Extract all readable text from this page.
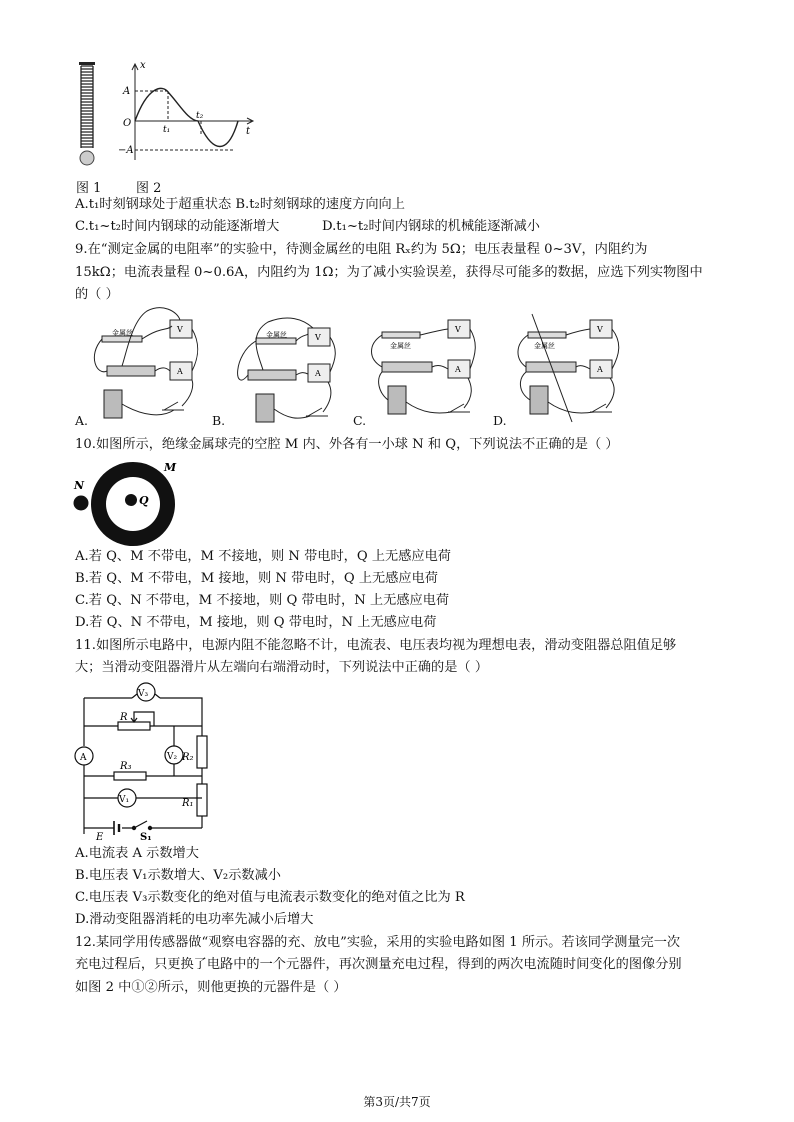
x
t
O
A
−A
t₁
t₂
图 1	图 2
A.t₁时刻钢球处于超重状态 B.t₂时刻钢球的速度方向向上
C.t₁~t₂时间内钢球的动能逐渐增大	D.t₁~t₂时间内钢球的机械能逐渐减小
9.在“测定金属的电阻率”的实验中，待测金属丝的电阻 Rₓ约为 5Ω；电压表量程 0~3V，内阻约为
15kΩ；电流表量程 0~0.6A，内阻约为 1Ω；为了减小实验误差，获得尽可能多的数据，应选下列实物图中
的（ ）
金属丝	V
A
A.
金属丝	V
A
B.
金属丝
V
A
C.
金属丝
V
A
D.
10.如图所示，绝缘金属球壳的空腔 M 内、外各有一小球 N 和 Q，下列说法不正确的是（ ）
N
Q
M
A.若 Q、M 不带电，M 不接地，则 N 带电时，Q 上无感应电荷
B.若 Q、M 不带电，M 接地，则 N 带电时，Q 上无感应电荷
C.若 Q、N 不带电，M 不接地，则 Q 带电时，N 上无感应电荷
D.若 Q、N 不带电，M 接地，则 Q 带电时，N 上无感应电荷
11.如图所示电路中，电源内阻不能忽略不计，电流表、电压表均视为理想电表，滑动变阻器总阻值足够
大；当滑动变阻器滑片从左端向右端滑动时，下列说法中正确的是（ ）
V₃
R
A	V₂ R₂
R₃
V₁	R₁
E	S₁
A.电流表 A 示数增大
B.电压表 V₁示数增大、V₂示数减小
C.电压表 V₃示数变化的绝对值与电流表示数变化的绝对值之比为 R
D.滑动变阻器消耗的电功率先减小后增大
12.某同学用传感器做“观察电容器的充、放电”实验，采用的实验电路如图 1 所示。若该同学测量完一次
充电过程后，只更换了电路中的一个元器件，再次测量充电过程，得到的两次电流随时间变化的图像分别
如图 2 中①②所示，则他更换的元器件是（ ）
第3页/共7页
